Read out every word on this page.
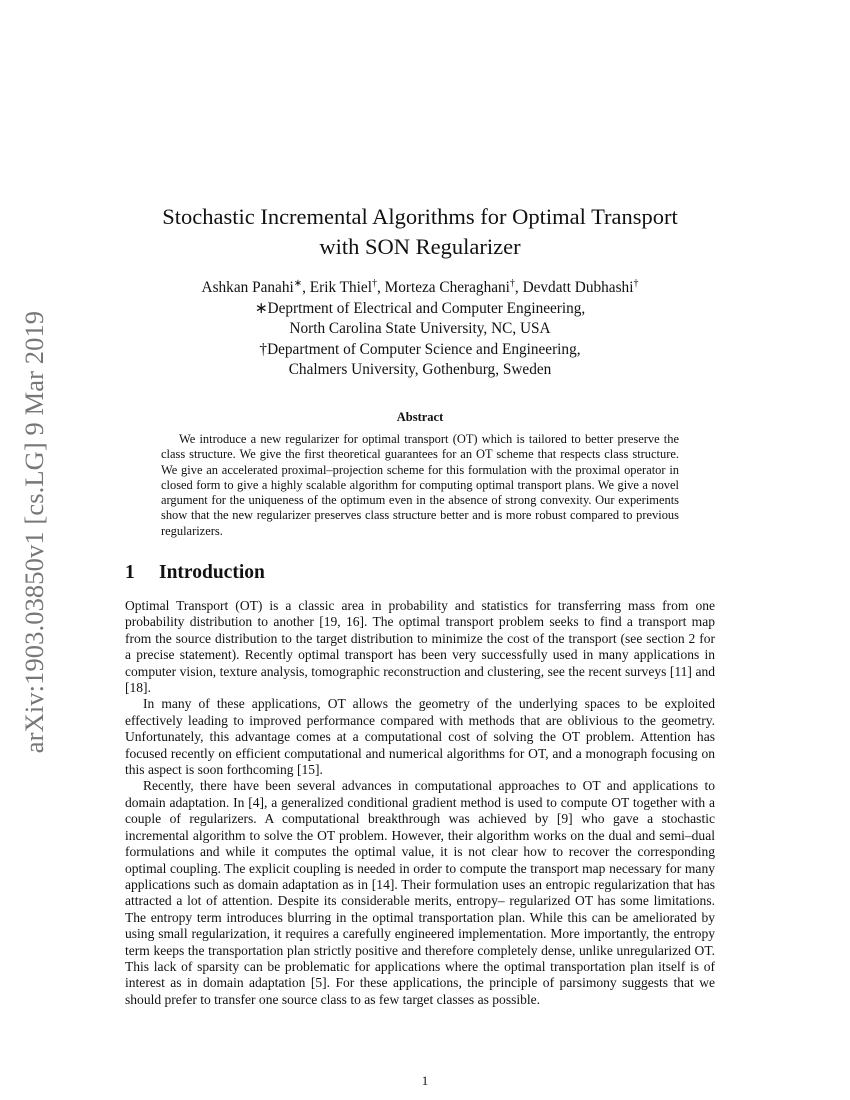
arXiv:1903.03850v1 [cs.LG] 9 Mar 2019
Stochastic Incremental Algorithms for Optimal Transport
with SON Regularizer
Ashkan Panahi∗, Erik Thiel†, Morteza Cheraghani†, Devdatt Dubhashi†
∗Deprtment of Electrical and Computer Engineering,
North Carolina State University, NC, USA
†Department of Computer Science and Engineering,
Chalmers University, Gothenburg, Sweden
Abstract

We introduce a new regularizer for optimal transport (OT) which is tailored to better preserve the class structure. We give the first theoretical guarantees for an OT scheme that respects class structure. We give an accelerated proximal–projection scheme for this formulation with the proximal operator in closed form to give a highly scalable algorithm for computing optimal transport plans. We give a novel argument for the uniqueness of the optimum even in the absence of strong convexity. Our experiments show that the new regularizer preserves class structure better and is more robust compared to previous regularizers.

1 Introduction

Optimal Transport (OT) is a classic area in probability and statistics for transferring mass from one probability distribution to another [19, 16]. The optimal transport problem seeks to find a transport map from the source distribution to the target distribution to minimize the cost of the transport (see section 2 for a precise statement). Recently optimal transport has been very successfully used in many applications in computer vision, texture analysis, tomographic reconstruction and clustering, see the recent surveys [11] and [18].

In many of these applications, OT allows the geometry of the underlying spaces to be exploited effectively leading to improved performance compared with methods that are oblivious to the geometry. Unfortunately, this advantage comes at a computational cost of solving the OT problem. Attention has focused recently on efficient computational and numerical algorithms for OT, and a monograph focusing on this aspect is soon forthcoming [15].

Recently, there have been several advances in computational approaches to OT and applications to domain adaptation. In [4], a generalized conditional gradient method is used to compute OT together with a couple of regularizers. A computational breakthrough was achieved by [9] who gave a stochastic incremental algorithm to solve the OT problem. However, their algorithm works on the dual and semi–dual formulations and while it computes the optimal value, it is not clear how to recover the corresponding optimal coupling. The explicit coupling is needed in order to compute the transport map necessary for many applications such as domain adaptation as in [14]. Their formulation uses an entropic regularization that has attracted a lot of attention. Despite its considerable merits, entropy– regularized OT has some limitations. The entropy term introduces blurring in the optimal transportation plan. While this can be ameliorated by using small regularization, it requires a carefully engineered implementation. More importantly, the entropy term keeps the transportation plan strictly positive and therefore completely dense, unlike unregularized OT. This lack of sparsity can be problematic for applications where the optimal transportation plan itself is of interest as in domain adaptation [5]. For these applications, the principle of parsimony suggests that we should prefer to transfer one source class to as few target classes as possible.

1
